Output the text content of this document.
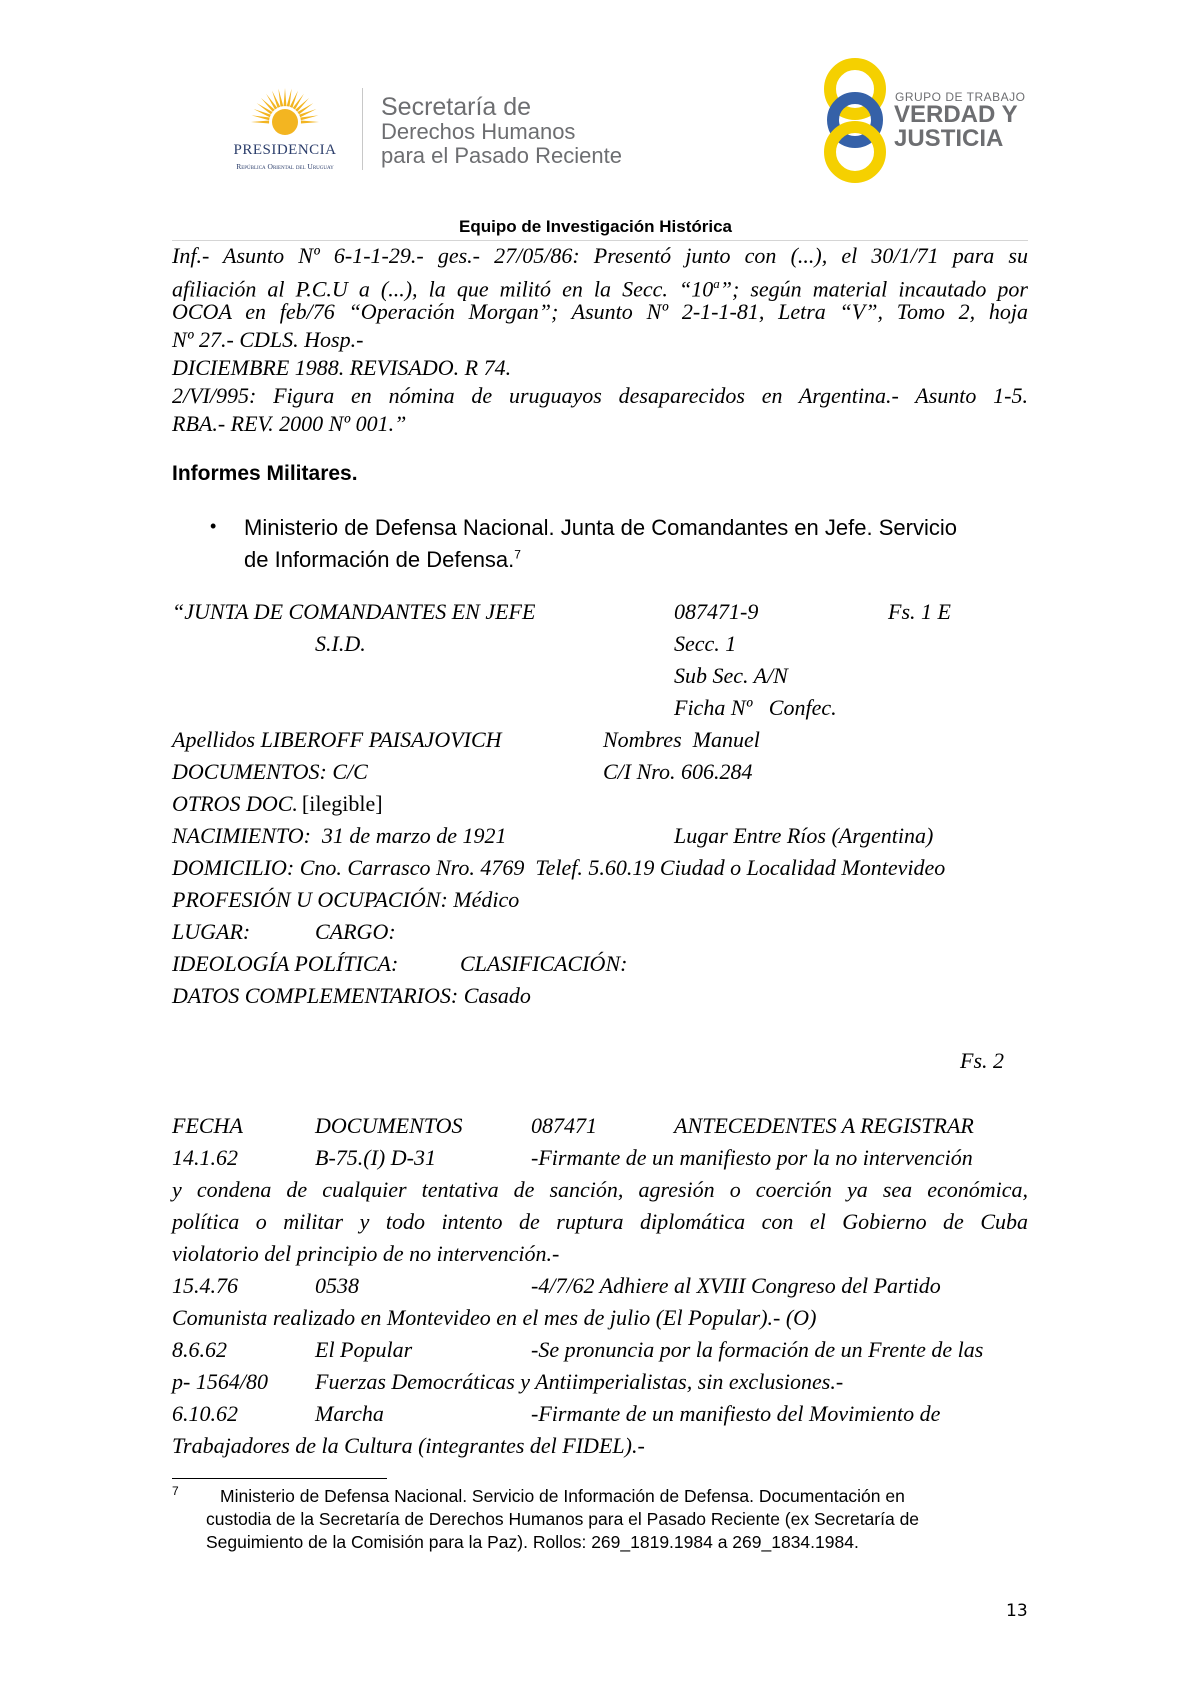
PRESIDENCIA
República Oriental del Uruguay
Secretaría de
Derechos Humanos
para el Pasado Reciente
GRUPO DE TRABAJO
VERDAD Y
JUSTICIA
Equipo de Investigación Histórica
Inf.- Asunto Nº 6-1-1-29.- ges.- 27/05/86: Presentó junto con (...), el 30/1/71 para su
afiliación al P.C.U a (...), la que militó en la Secc. “10$^a$”; según material incautado por
OCOA en feb/76 “Operación Morgan”; Asunto Nº 2-1-1-81, Letra “V”, Tomo 2, hoja
Nº 27.- CDLS. Hosp.-
DICIEMBRE 1988. REVISADO. R 74.
2/VI/995: Figura en nómina de uruguayos desaparecidos en Argentina.- Asunto 1-5.
RBA.- REV. 2000 Nº 001.”
Informes Militares.
• Ministerio de Defensa Nacional. Junta de Comandantes en Jefe. Servicio
de Información de Defensa.$^7$
“JUNTA DE COMANDANTES EN JEFE	087471-9	Fs. 1 E
S.I.D.	Secc. 1
Sub Sec. A/N
Ficha Nº   Confec.
Apellidos LIBEROFF PAISAJOVICH	Nombres  Manuel
DOCUMENTOS: C/C	C/I Nro. 606.284
OTROS DOC. [ilegible]
NACIMIENTO:  31 de marzo de 1921	Lugar Entre Ríos (Argentina)
DOMICILIO: Cno. Carrasco Nro. 4769  Telef. 5.60.19 Ciudad o Localidad Montevideo
PROFESIÓN U OCUPACIÓN: Médico
LUGAR:	CARGO:
IDEOLOGÍA POLÍTICA:	CLASIFICACIÓN:
DATOS COMPLEMENTARIOS: Casado
Fs. 2
FECHA	DOCUMENTOS	087471	ANTECEDENTES A REGISTRAR
14.1.62	B-75.(I) D-31	-Firmante de un manifiesto por la no intervención
y condena de cualquier tentativa de sanción, agresión o coerción ya sea económica,
política o militar y todo intento de ruptura diplomática con el Gobierno de Cuba
violatorio del principio de no intervención.-
15.4.76	0538	-4/7/62 Adhiere al XVIII Congreso del Partido
Comunista realizado en Montevideo en el mes de julio (El Popular).- (O)
8.6.62	El Popular	-Se pronuncia por la formación de un Frente de las
p- 1564/80 Fuerzas Democráticas y Antiimperialistas, sin exclusiones.-
6.10.62	Marcha	-Firmante de un manifiesto del Movimiento de
Trabajadores de la Cultura (integrantes del FIDEL).-
7 Ministerio de Defensa Nacional. Servicio de Información de Defensa. Documentación en
custodia de la Secretaría de Derechos Humanos para el Pasado Reciente (ex Secretaría de
Seguimiento de la Comisión para la Paz). Rollos: 269_1819.1984 a 269_1834.1984.
13
